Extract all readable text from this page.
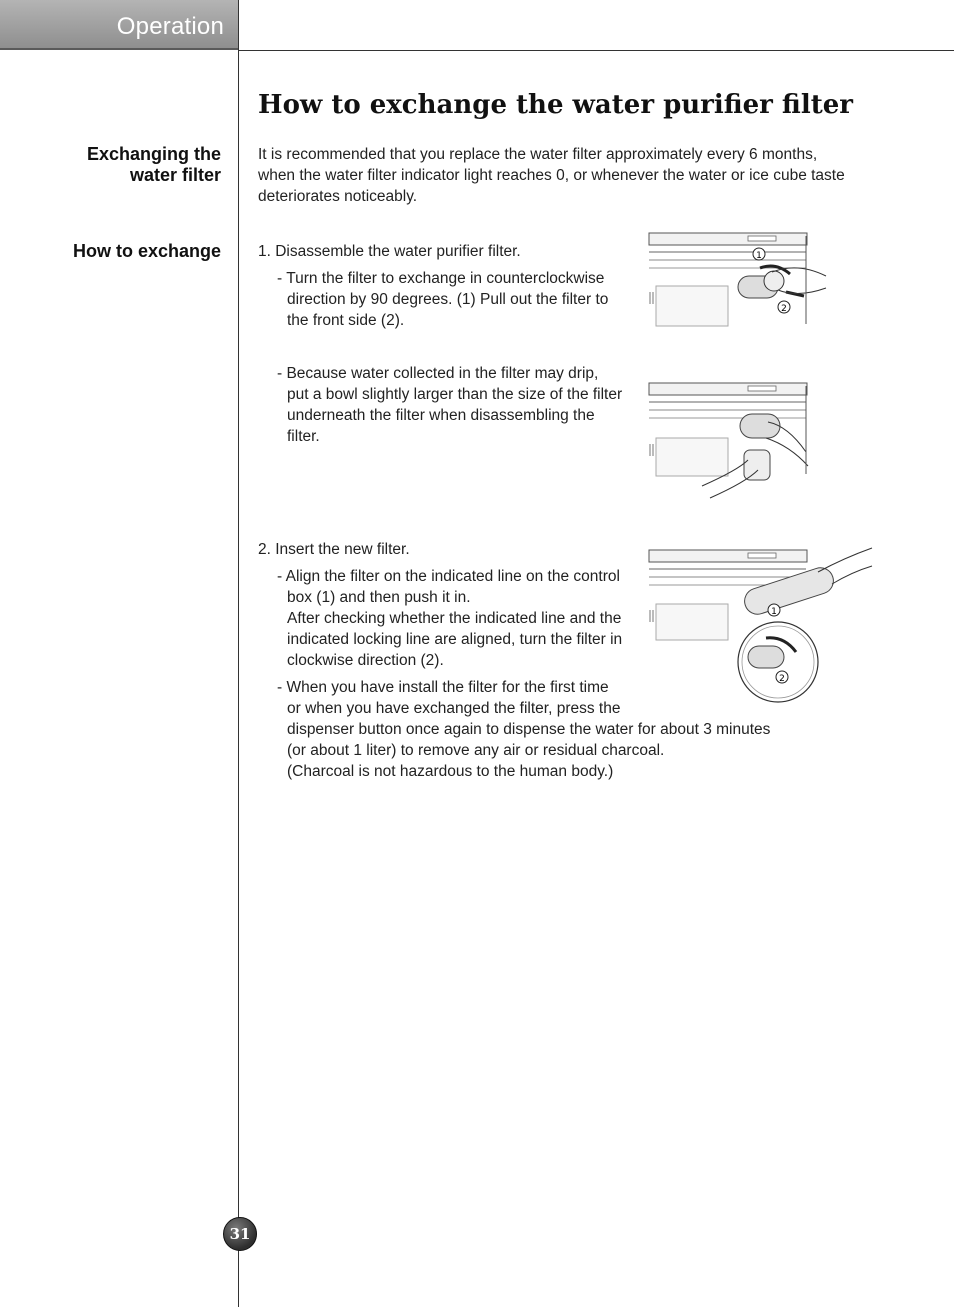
Operation
How to exchange the water purifier filter
Exchanging the
water filter
How to exchange
It is recommended that you replace the water filter approximately every 6 months,
when the water filter indicator light reaches 0, or whenever the water or ice cube taste
deteriorates noticeably.
1. Disassemble the water purifier filter.
- Turn the filter to exchange in counterclockwise
direction by 90 degrees. (1) Pull out the filter to
the front side (2).
- Because water collected in the filter may drip,
put a bowl slightly larger than the size of the filter
underneath the filter when disassembling the
filter.
2. Insert the new filter.
- Align the filter on the indicated line on the control
box (1) and then push it in.
After checking whether the indicated line and the
indicated locking line are aligned, turn the filter in
clockwise direction (2).
- When you have install the filter for the first time
or when you have exchanged the filter, press the
dispenser button once again to dispense the water for about 3 minutes
(or about 1 liter) to remove any air or residual charcoal.
(Charcoal is not hazardous to the human body.)
1
2
1
2
31
